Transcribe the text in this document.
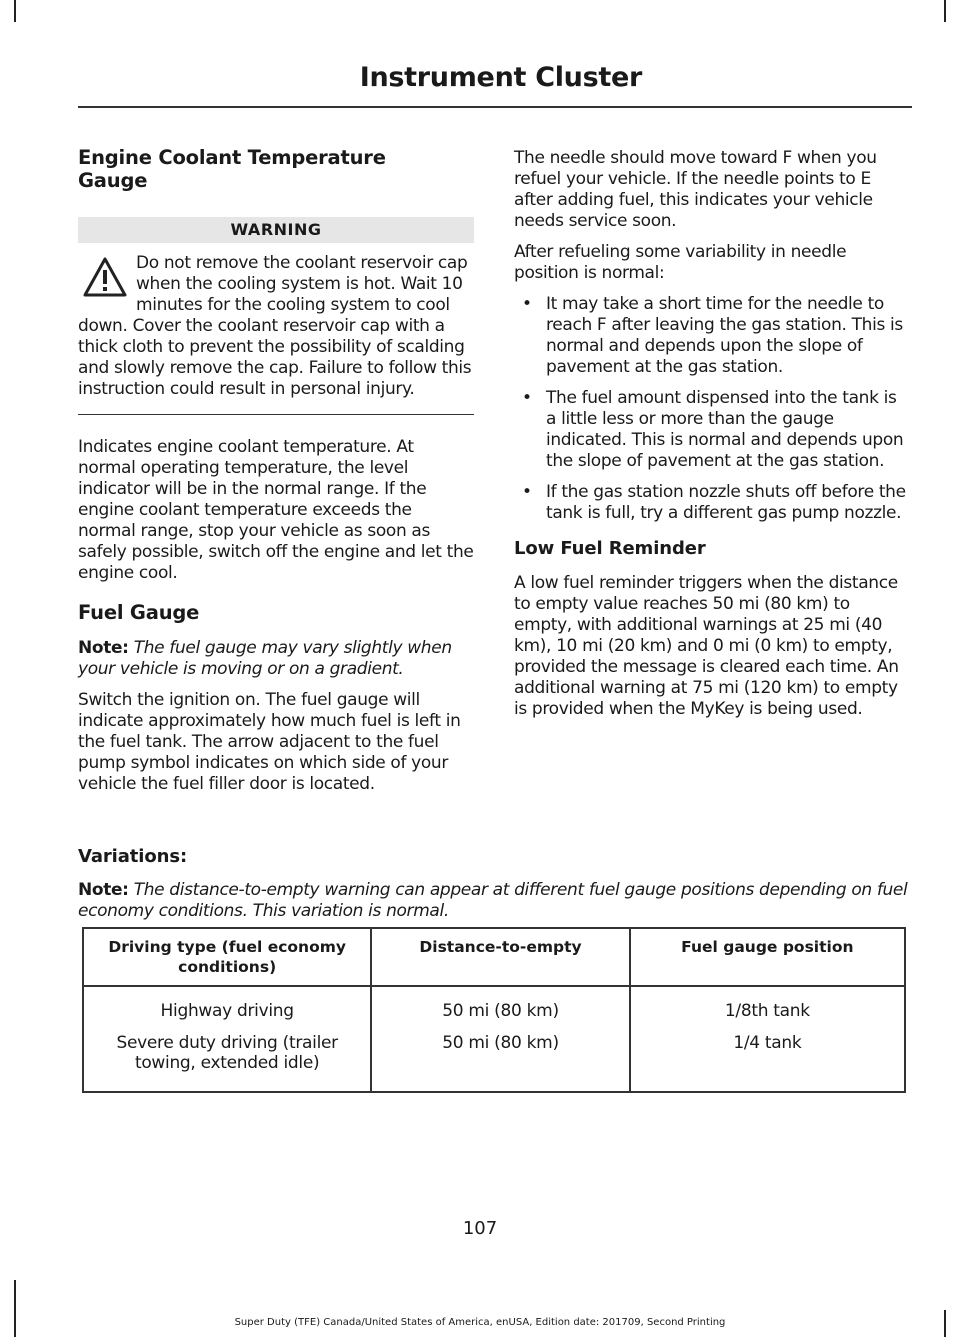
Instrument Cluster
Engine Coolant Temperature Gauge
WARNING

Do not remove the coolant reservoir cap when the cooling system is hot. Wait 10 minutes for the cooling system to cool down. Cover the coolant reservoir cap with a thick cloth to prevent the possibility of scalding and slowly remove the cap. Failure to follow this instruction could result in personal injury.

Indicates engine coolant temperature. At normal operating temperature, the level indicator will be in the normal range. If the engine coolant temperature exceeds the normal range, stop your vehicle as soon as safely possible, switch off the engine and let the engine cool.

Fuel Gauge

Note: The fuel gauge may vary slightly when your vehicle is moving or on a gradient.

Switch the ignition on. The fuel gauge will indicate approximately how much fuel is left in the fuel tank. The arrow adjacent to the fuel pump symbol indicates on which side of your vehicle the fuel filler door is located.

The needle should move toward F when you refuel your vehicle. If the needle points to E after adding fuel, this indicates your vehicle needs service soon.

After refueling some variability in needle position is normal:

• It may take a short time for the needle to reach F after leaving the gas station. This is normal and depends upon the slope of pavement at the gas station.
• The fuel amount dispensed into the tank is a little less or more than the gauge indicated. This is normal and depends upon the slope of pavement at the gas station.
• If the gas station nozzle shuts off before the tank is full, try a different gas pump nozzle.
Low Fuel Reminder

A low fuel reminder triggers when the distance to empty value reaches 50 mi (80 km) to empty, with additional warnings at 25 mi (40 km), 10 mi (20 km) and 0 mi (0 km) to empty, provided the message is cleared each time. An additional warning at 75 mi (120 km) to empty is provided when the MyKey is being used.

Variations:

Note: The distance-to-empty warning can appear at different fuel gauge positions depending on fuel economy conditions. This variation is normal.

Driving type (fuel economy conditions)	Distance-to-empty	Fuel gauge position
Highway driving	50 mi (80 km)	1/8th tank
Severe duty driving (trailer towing, extended idle)	50 mi (80 km)	1/4 tank
107
Super Duty (TFE) Canada/United States of America, enUSA, Edition date: 201709, Second Printing
